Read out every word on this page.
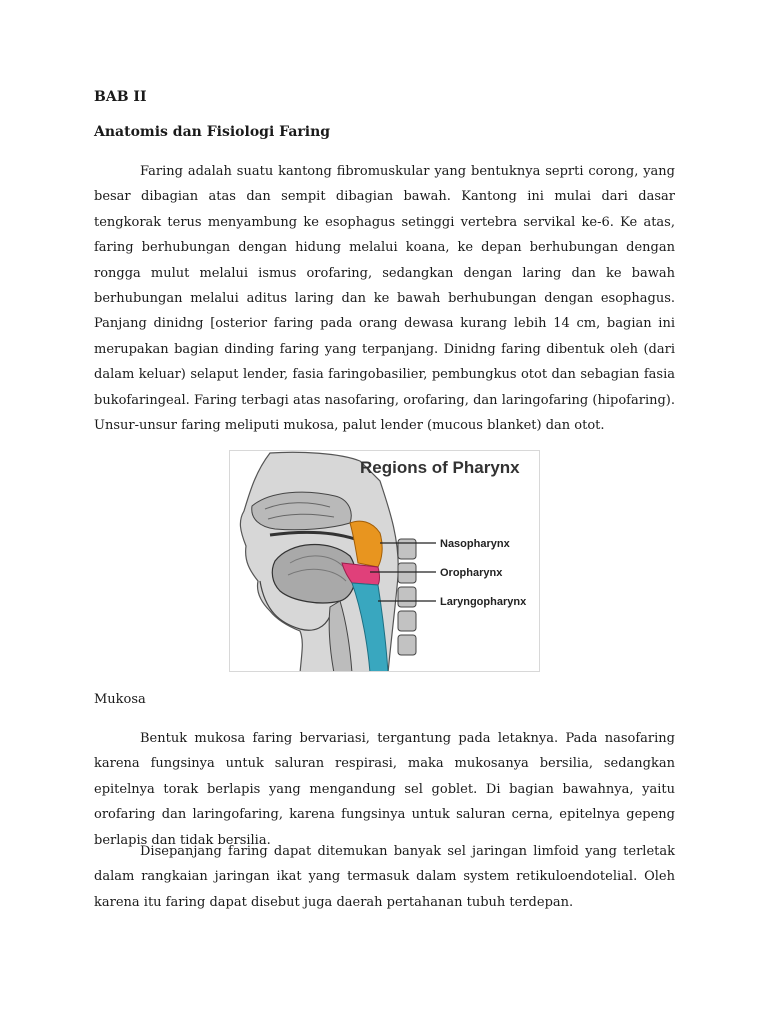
BAB II
Anatomis dan Fisiologi Faring
Faring adalah suatu kantong fibromuskular yang bentuknya seprti corong, yang besar dibagian atas dan sempit dibagian bawah. Kantong ini mulai dari dasar tengkorak terus menyambung ke esophagus setinggi vertebra servikal ke-6. Ke atas, faring berhubungan dengan hidung melalui koana, ke depan berhubungan dengan rongga mulut melalui ismus orofaring, sedangkan dengan laring dan ke bawah berhubungan melalui aditus laring dan ke bawah berhubungan dengan esophagus. Panjang dinidng [osterior faring pada orang dewasa kurang lebih 14 cm, bagian ini merupakan bagian dinding faring yang terpanjang. Dinidng faring dibentuk oleh (dari dalam keluar) selaput lender, fasia faringobasilier, pembungkus otot dan sebagian fasia bukofaringeal. Faring terbagi atas nasofaring, orofaring, dan laringofaring (hipofaring). Unsur-unsur faring meliputi mukosa, palut lender (mucous blanket) dan otot.
Regions of Pharynx
Nasopharynx
Oropharynx
Laryngopharynx
Mukosa
Bentuk mukosa faring bervariasi, tergantung pada letaknya. Pada nasofaring karena fungsinya untuk saluran respirasi, maka mukosanya bersilia, sedangkan epitelnya torak berlapis yang mengandung sel goblet. Di bagian bawahnya, yaitu orofaring dan laringofaring, karena fungsinya untuk saluran cerna, epitelnya gepeng berlapis dan tidak bersilia.
Disepanjang faring dapat ditemukan banyak sel jaringan limfoid yang terletak dalam rangkaian jaringan ikat yang termasuk dalam system retikuloendotelial. Oleh karena itu faring dapat disebut juga daerah pertahanan tubuh terdepan.
